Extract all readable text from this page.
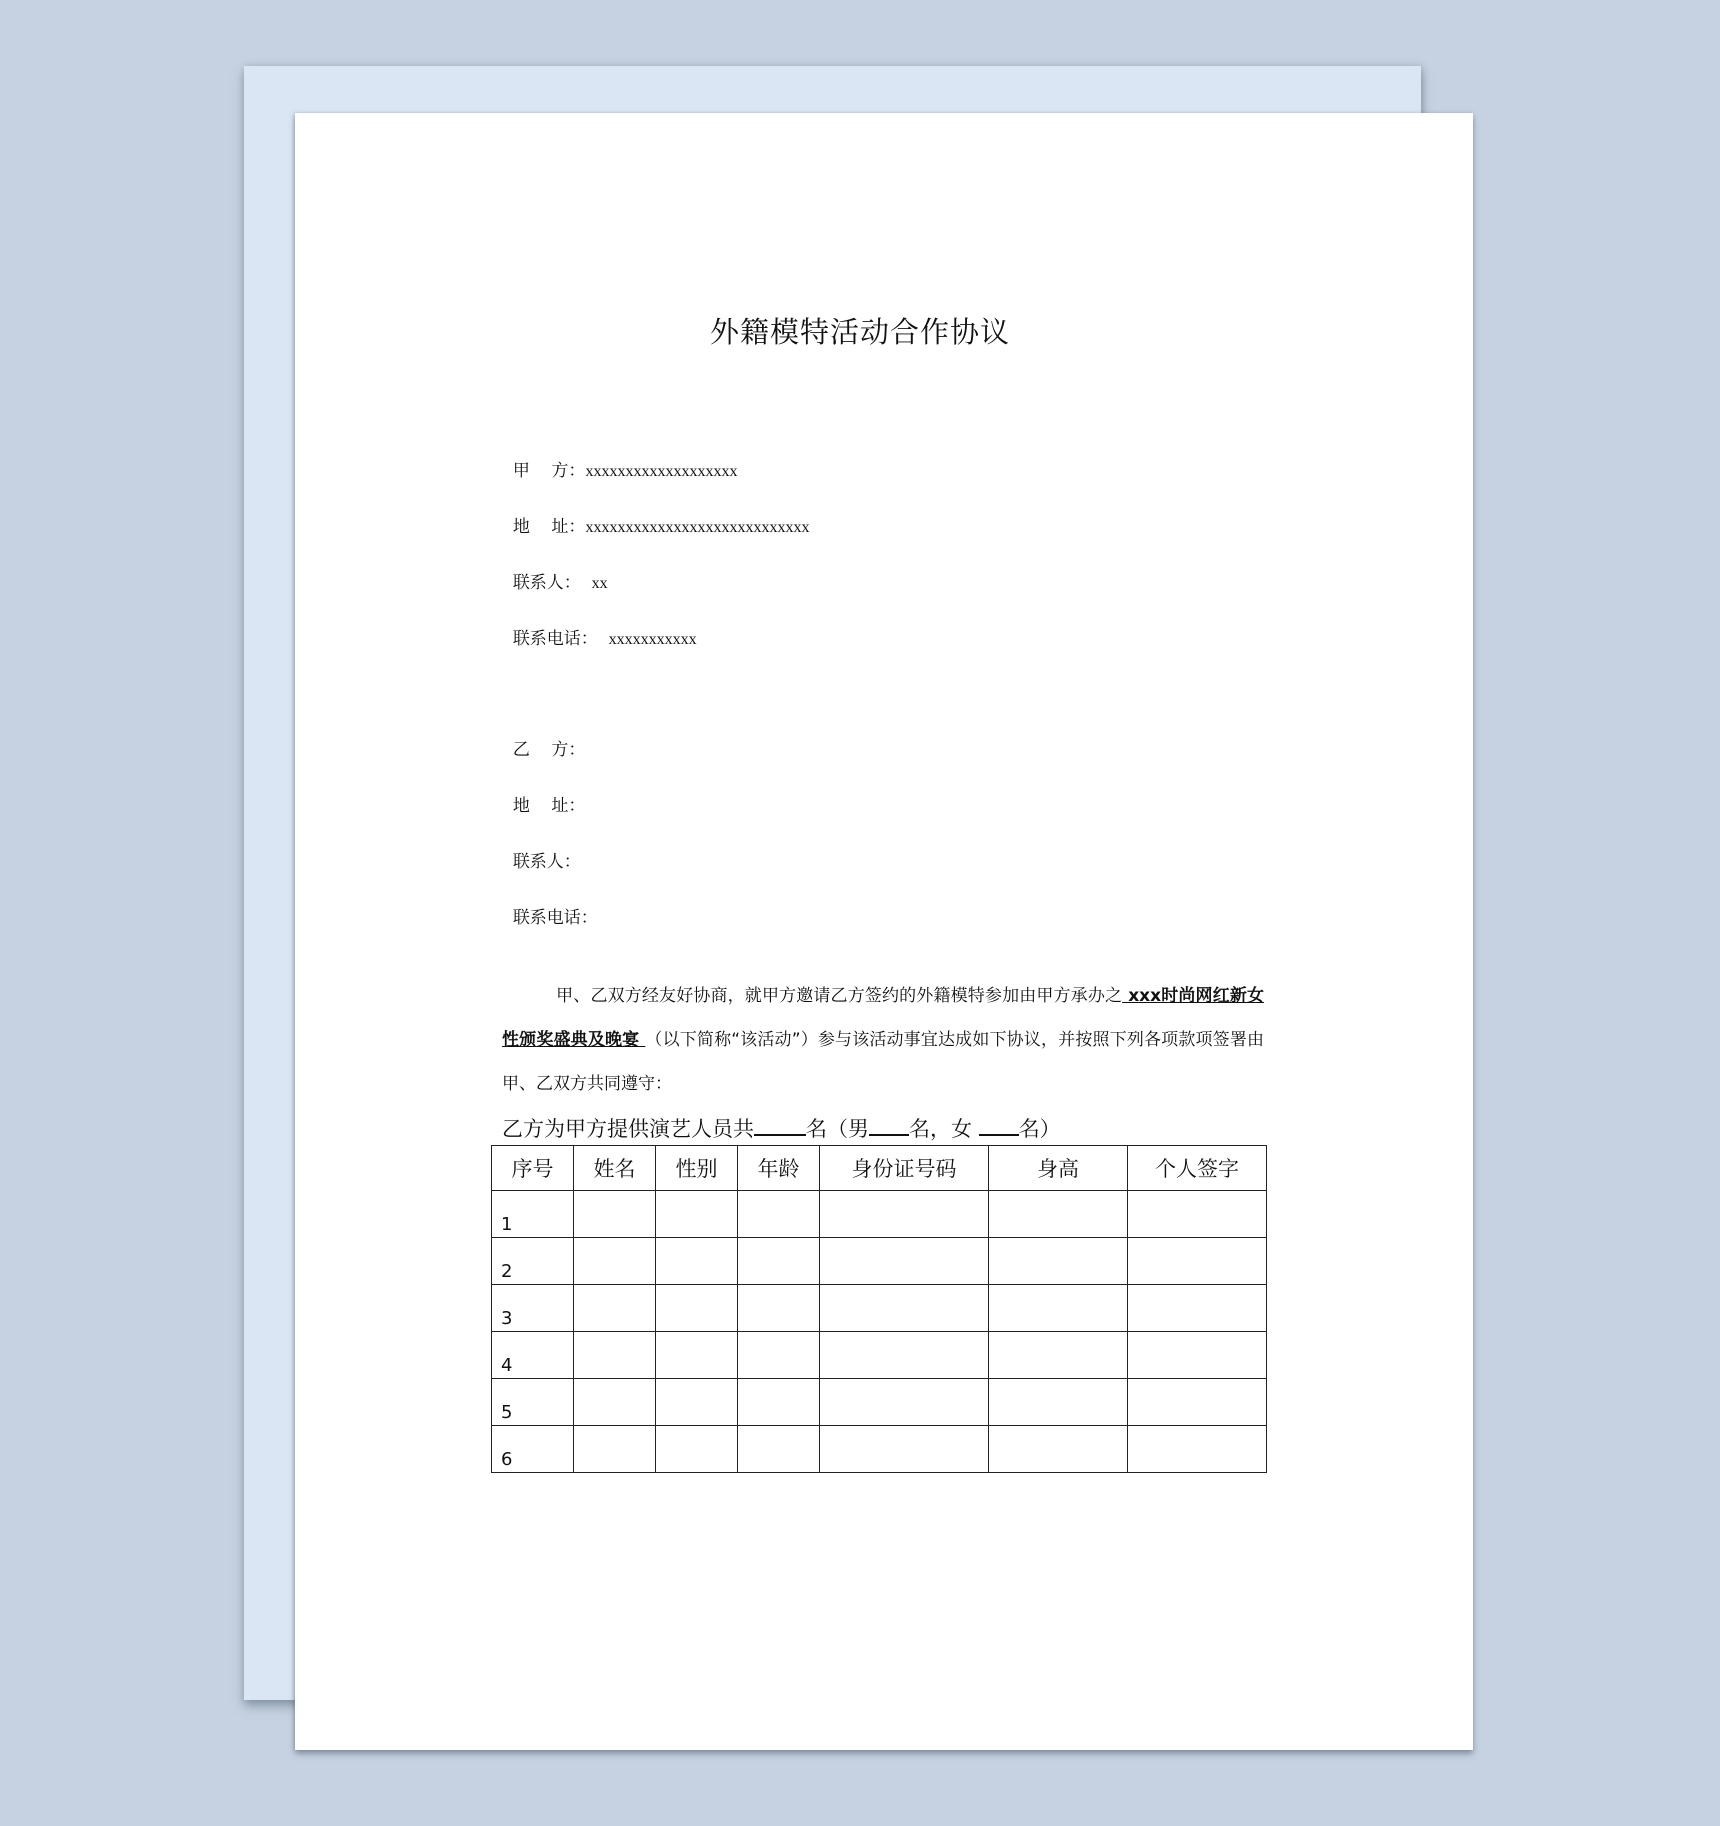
外籍模特活动合作协议

甲    方：xxxxxxxxxxxxxxxxxxx

地    址：xxxxxxxxxxxxxxxxxxxxxxxxxxxx

联系人：  xx

联系电话：  xxxxxxxxxxx

乙    方：

地    址：

联系人：

联系电话：

甲、乙双方经友好协商，就甲方邀请乙方签约的外籍模特参加由甲方承办之 xxx时尚网红新女性颁奖盛典及晚宴 （以下简称“该活动”）参与该活动事宜达成如下协议，并按照下列各项款项签署由甲、乙双方共同遵守：
乙方为甲方提供演艺人员共 名（男 名，女 名）
序号	姓名	性别	年龄	身份证号码	身高	个人签字
1						
2						
3						
4						
5						
6						
